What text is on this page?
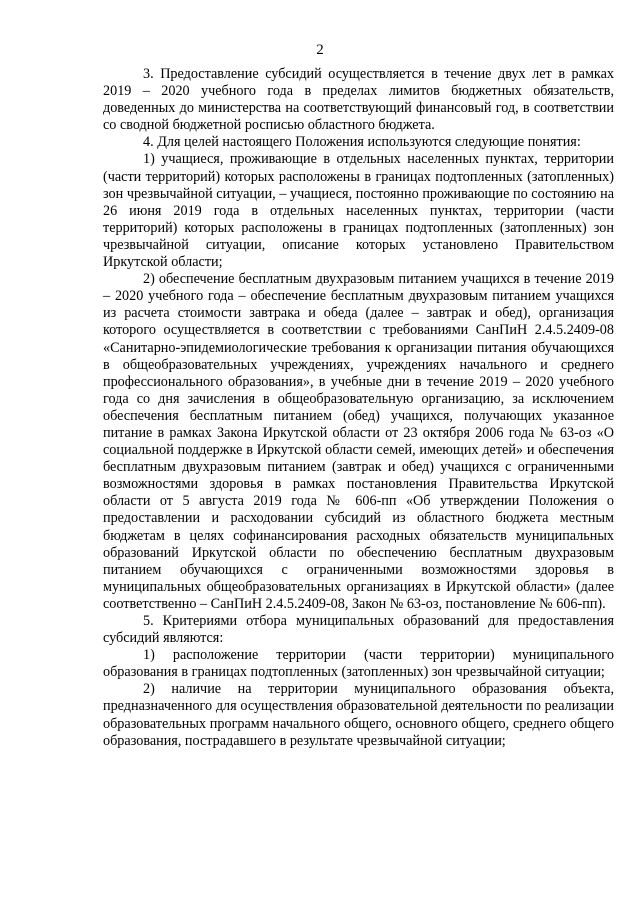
2

3. Предоставление субсидий осуществляется в течение двух лет в рамках 2019 – 2020 учебного года в пределах лимитов бюджетных обязательств, доведенных до министерства на соответствующий финансовый год, в соответствии со сводной бюджетной росписью областного бюджета.

4. Для целей настоящего Положения используются следующие понятия:

1) учащиеся, проживающие в отдельных населенных пунктах, территории (части территорий) которых расположены в границах подтопленных (затопленных) зон чрезвычайной ситуации, – учащиеся, постоянно проживающие по состоянию на 26 июня 2019 года в отдельных населенных пунктах, территории (части территорий) которых расположены в границах подтопленных (затопленных) зон чрезвычайной ситуации, описание которых установлено Правительством Иркутской области;

2) обеспечение бесплатным двухразовым питанием учащихся в течение 2019 – 2020 учебного года – обеспечение бесплатным двухразовым питанием учащихся из расчета стоимости завтрака и обеда (далее – завтрак и обед), организация которого осуществляется в соответствии с требованиями СанПиН 2.4.5.2409-08 «Санитарно-эпидемиологические требования к организации питания обучающихся в общеобразовательных учреждениях, учреждениях начального и среднего профессионального образования», в учебные дни в течение 2019 – 2020 учебного года со дня зачисления в общеобразовательную организацию, за исключением обеспечения бесплатным питанием (обед) учащихся, получающих указанное питание в рамках Закона Иркутской области от 23 октября 2006 года № 63-оз «О социальной поддержке в Иркутской области семей, имеющих детей» и обеспечения бесплатным двухразовым питанием (завтрак и обед) учащихся с ограниченными возможностями здоровья в рамках постановления Правительства Иркутской области от 5 августа 2019 года № 606-пп «Об утверждении Положения о предоставлении и расходовании субсидий из областного бюджета местным бюджетам в целях софинансирования расходных обязательств муниципальных образований Иркутской области по обеспечению бесплатным двухразовым питанием обучающихся с ограниченными возможностями здоровья в муниципальных общеобразовательных организациях в Иркутской области» (далее соответственно – СанПиН 2.4.5.2409-08, Закон № 63-оз, постановление № 606-пп).

5. Критериями отбора муниципальных образований для предоставления субсидий являются:

1) расположение территории (части территории) муниципального образования в границах подтопленных (затопленных) зон чрезвычайной ситуации;

2) наличие на территории муниципального образования объекта, предназначенного для осуществления образовательной деятельности по реализации образовательных программ начального общего, основного общего, среднего общего образования, пострадавшего в результате чрезвычайной ситуации;
